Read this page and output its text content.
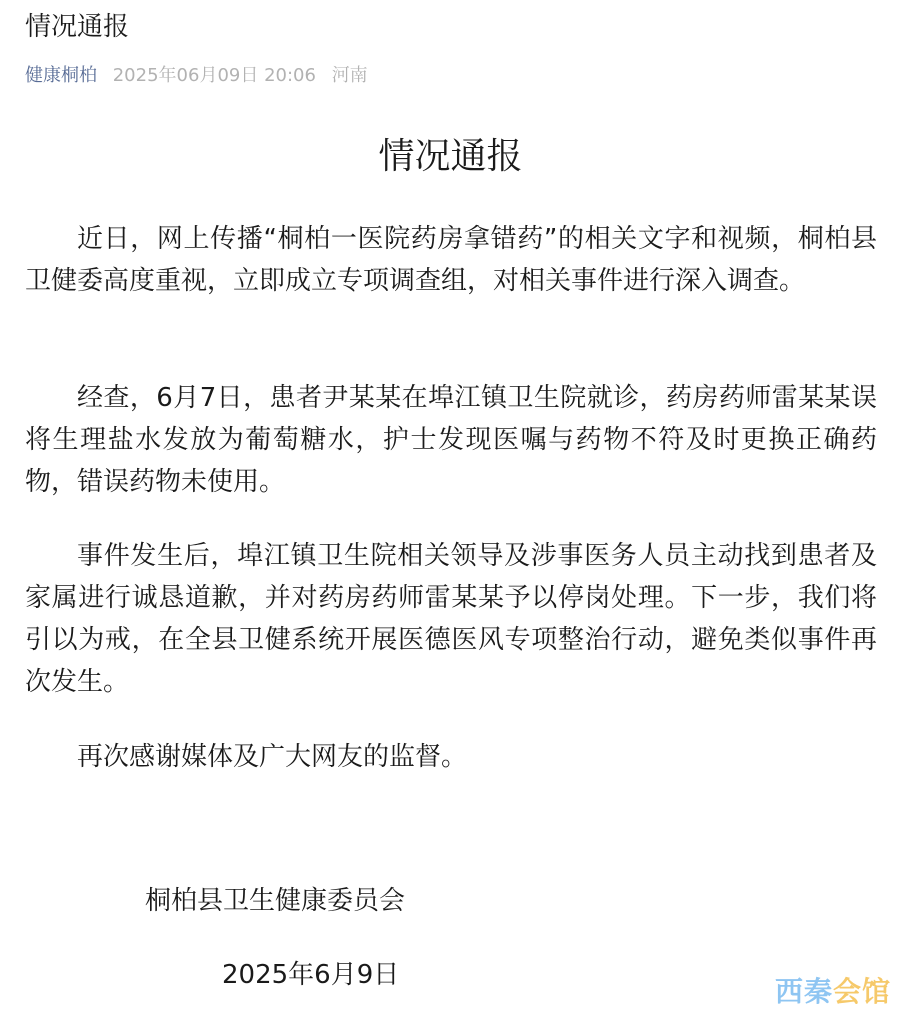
情况通报
健康桐柏 2025年06月09日 20:06 河南
情况通报

近日，网上传播“桐柏一医院药房拿错药”的相关文字和视频，桐柏县卫健委高度重视，立即成立专项调查组，对相关事件进行深入调查。

经查，6月7日，患者尹某某在埠江镇卫生院就诊，药房药师雷某某误将生理盐水发放为葡萄糖水，护士发现医嘱与药物不符及时更换正确药物，错误药物未使用。

事件发生后，埠江镇卫生院相关领导及涉事医务人员主动找到患者及家属进行诚恳道歉，并对药房药师雷某某予以停岗处理。下一步，我们将引以为戒，在全县卫健系统开展医德医风专项整治行动，避免类似事件再次发生。

再次感谢媒体及广大网友的监督。

桐柏县卫生健康委员会
2025年6月9日	西秦会馆
